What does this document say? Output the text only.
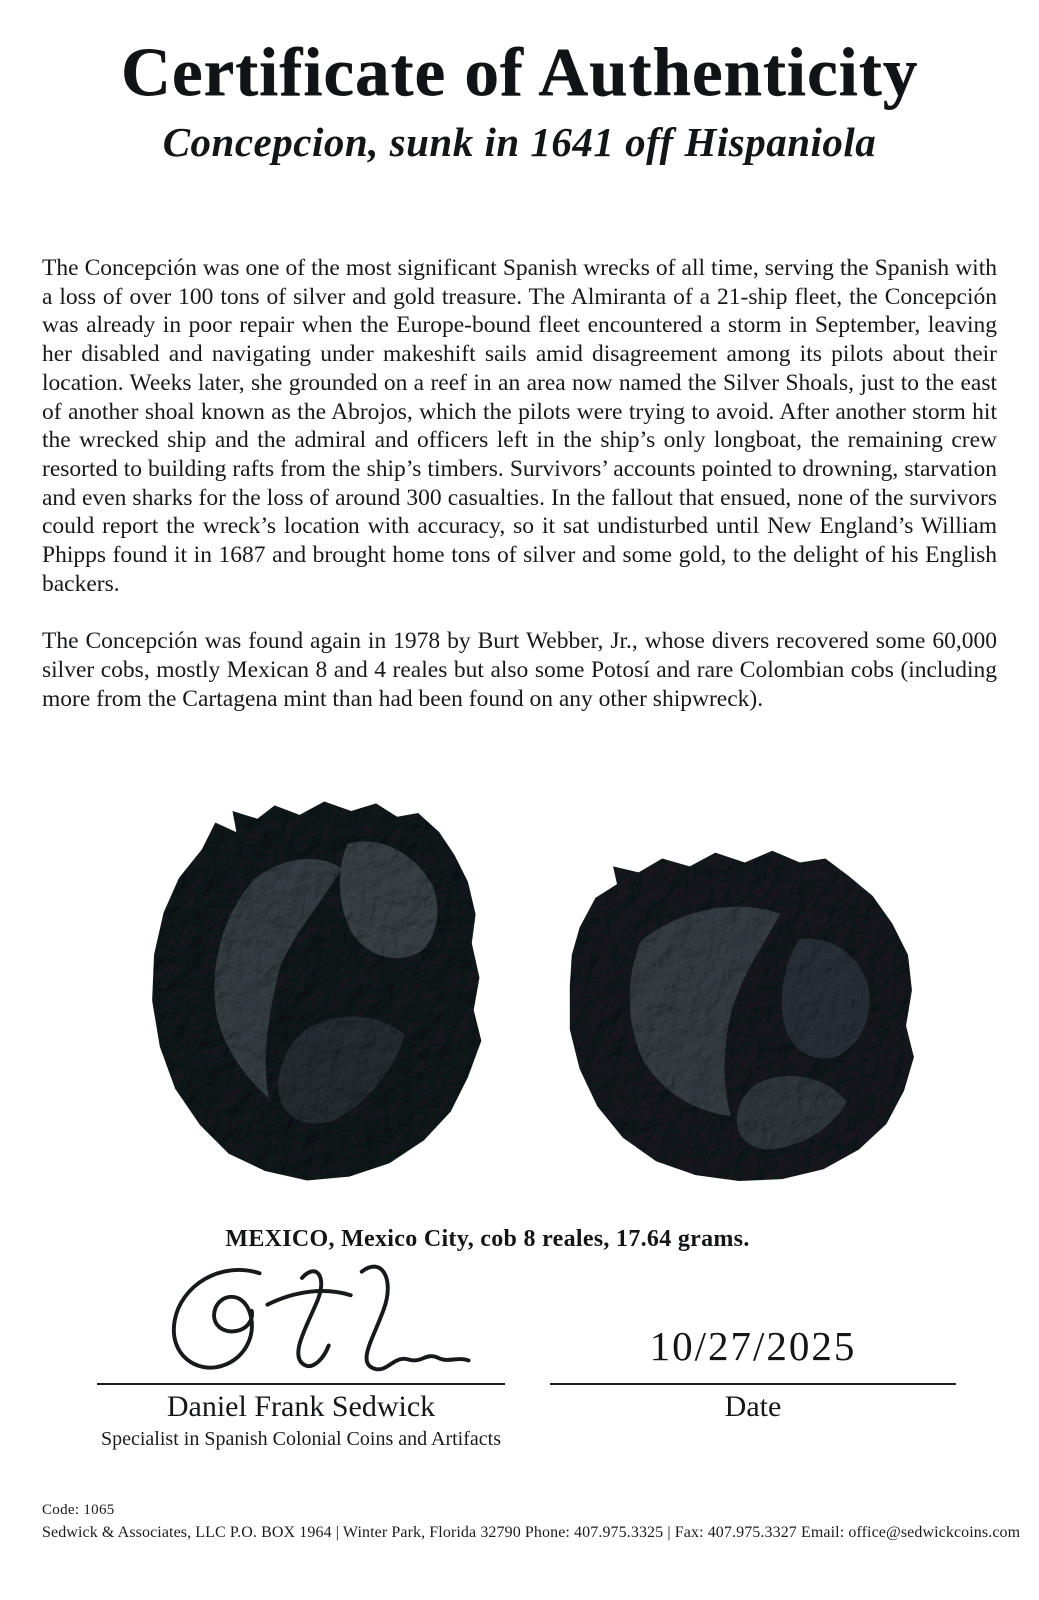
Certificate of Authenticity
Concepcion, sunk in 1641 off Hispaniola

The Concepción was one of the most significant Spanish wrecks of all time, serving the Spanish with a loss of over 100 tons of silver and gold treasure. The Almiranta of a 21-ship fleet, the Concepción was already in poor repair when the Europe-bound fleet encountered a storm in September, leaving her disabled and navigating under makeshift sails amid disagreement among its pilots about their location. Weeks later, she grounded on a reef in an area now named the Silver Shoals, just to the east of another shoal known as the Abrojos, which the pilots were trying to avoid. After another storm hit the wrecked ship and the admiral and officers left in the ship’s only longboat, the remaining crew resorted to building rafts from the ship’s timbers. Survivors’ accounts pointed to drowning, starvation and even sharks for the loss of around 300 casualties. In the fallout that ensued, none of the survivors could report the wreck’s location with accuracy, so it sat undisturbed until New England’s William Phipps found it in 1687 and brought home tons of silver and some gold, to the delight of his English backers.

The Concepción was found again in 1978 by Burt Webber, Jr., whose divers recovered some 60,000 silver cobs, mostly Mexican 8 and 4 reales but also some Potosí and rare Colombian cobs (including more from the Cartagena mint than had been found on any other shipwreck).

MEXICO, Mexico City, cob 8 reales, 17.64 grams.
Daniel Frank Sedwick
Specialist in Spanish Colonial Coins and Artifacts
10/27/2025
Date
Code: 1065
Sedwick & Associates, LLC P.O. BOX 1964 | Winter Park, Florida 32790 Phone: 407.975.3325 | Fax: 407.975.3327 Email: office@sedwickcoins.com
